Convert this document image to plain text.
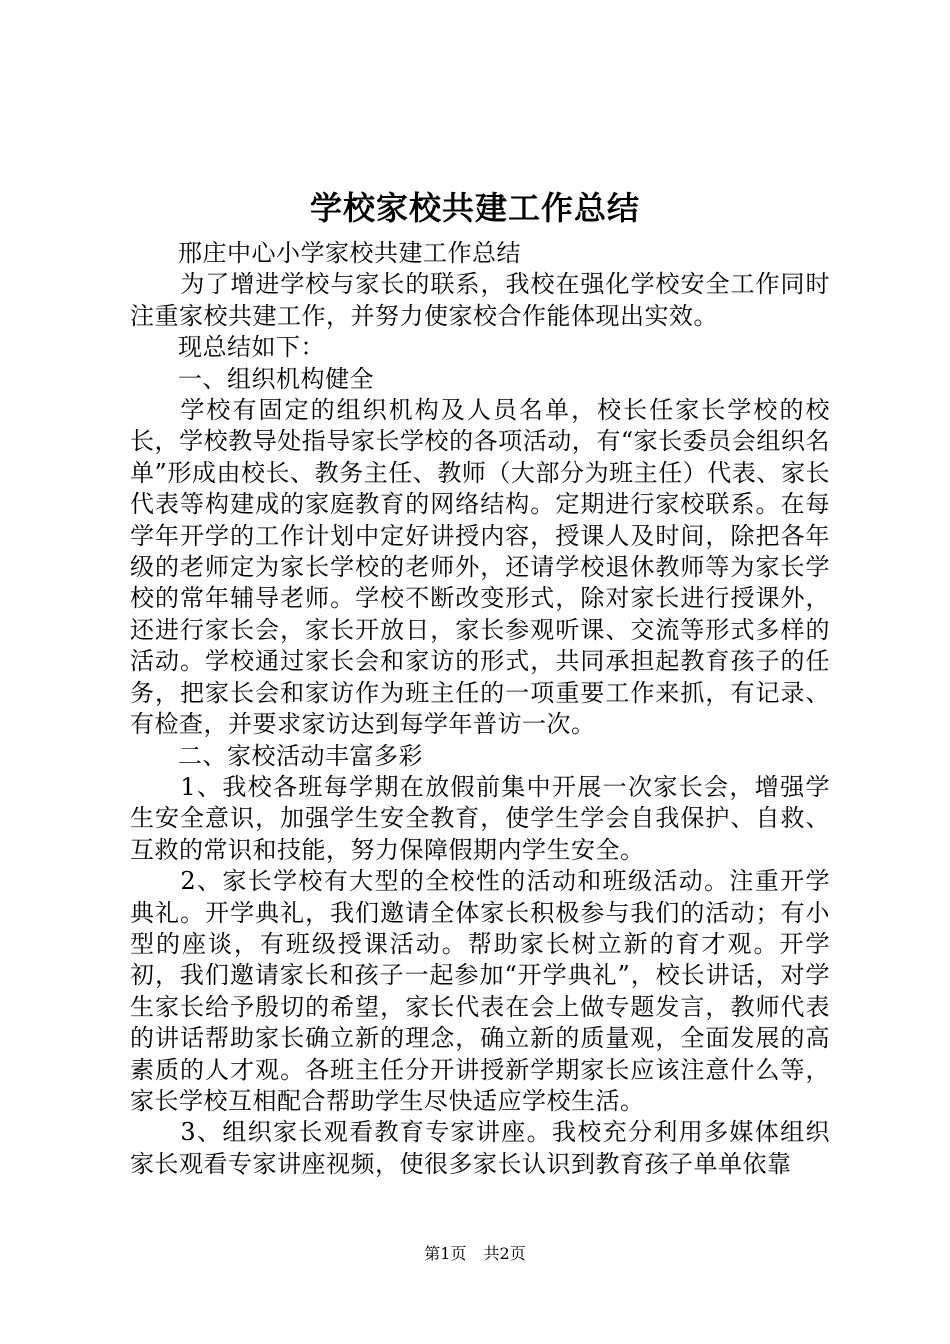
学校家校共建工作总结

邢庄中心小学家校共建工作总结

为了增进学校与家长的联系，我校在强化学校安全工作同时注重家校共建工作，并努力使家校合作能体现出实效。

现总结如下：

一、组织机构健全

学校有固定的组织机构及人员名单，校长任家长学校的校长，学校教导处指导家长学校的各项活动，有“家长委员会组织名单”形成由校长、教务主任、教师（大部分为班主任）代表、家长代表等构建成的家庭教育的网络结构。定期进行家校联系。在每学年开学的工作计划中定好讲授内容，授课人及时间，除把各年级的老师定为家长学校的老师外，还请学校退休教师等为家长学校的常年辅导老师。学校不断改变形式，除对家长进行授课外，还进行家长会，家长开放日，家长参观听课、交流等形式多样的活动。学校通过家长会和家访的形式，共同承担起教育孩子的任务，把家长会和家访作为班主任的一项重要工作来抓，有记录、有检查，并要求家访达到每学年普访一次。

二、家校活动丰富多彩

1、我校各班每学期在放假前集中开展一次家长会，增强学生安全意识，加强学生安全教育，使学生学会自我保护、自救、互救的常识和技能，努力保障假期内学生安全。

2、家长学校有大型的全校性的活动和班级活动。注重开学典礼。开学典礼，我们邀请全体家长积极参与我们的活动；有小型的座谈，有班级授课活动。帮助家长树立新的育才观。开学初，我们邀请家长和孩子一起参加“开学典礼”，校长讲话，对学生家长给予殷切的希望，家长代表在会上做专题发言，教师代表的讲话帮助家长确立新的理念，确立新的质量观，全面发展的高素质的人才观。各班主任分开讲授新学期家长应该注意什么等，家长学校互相配合帮助学生尽快适应学校生活。

3、组织家长观看教育专家讲座。我校充分利用多媒体组织家长观看专家讲座视频，使很多家长认识到教育孩子单单依靠

第1页 共2页
